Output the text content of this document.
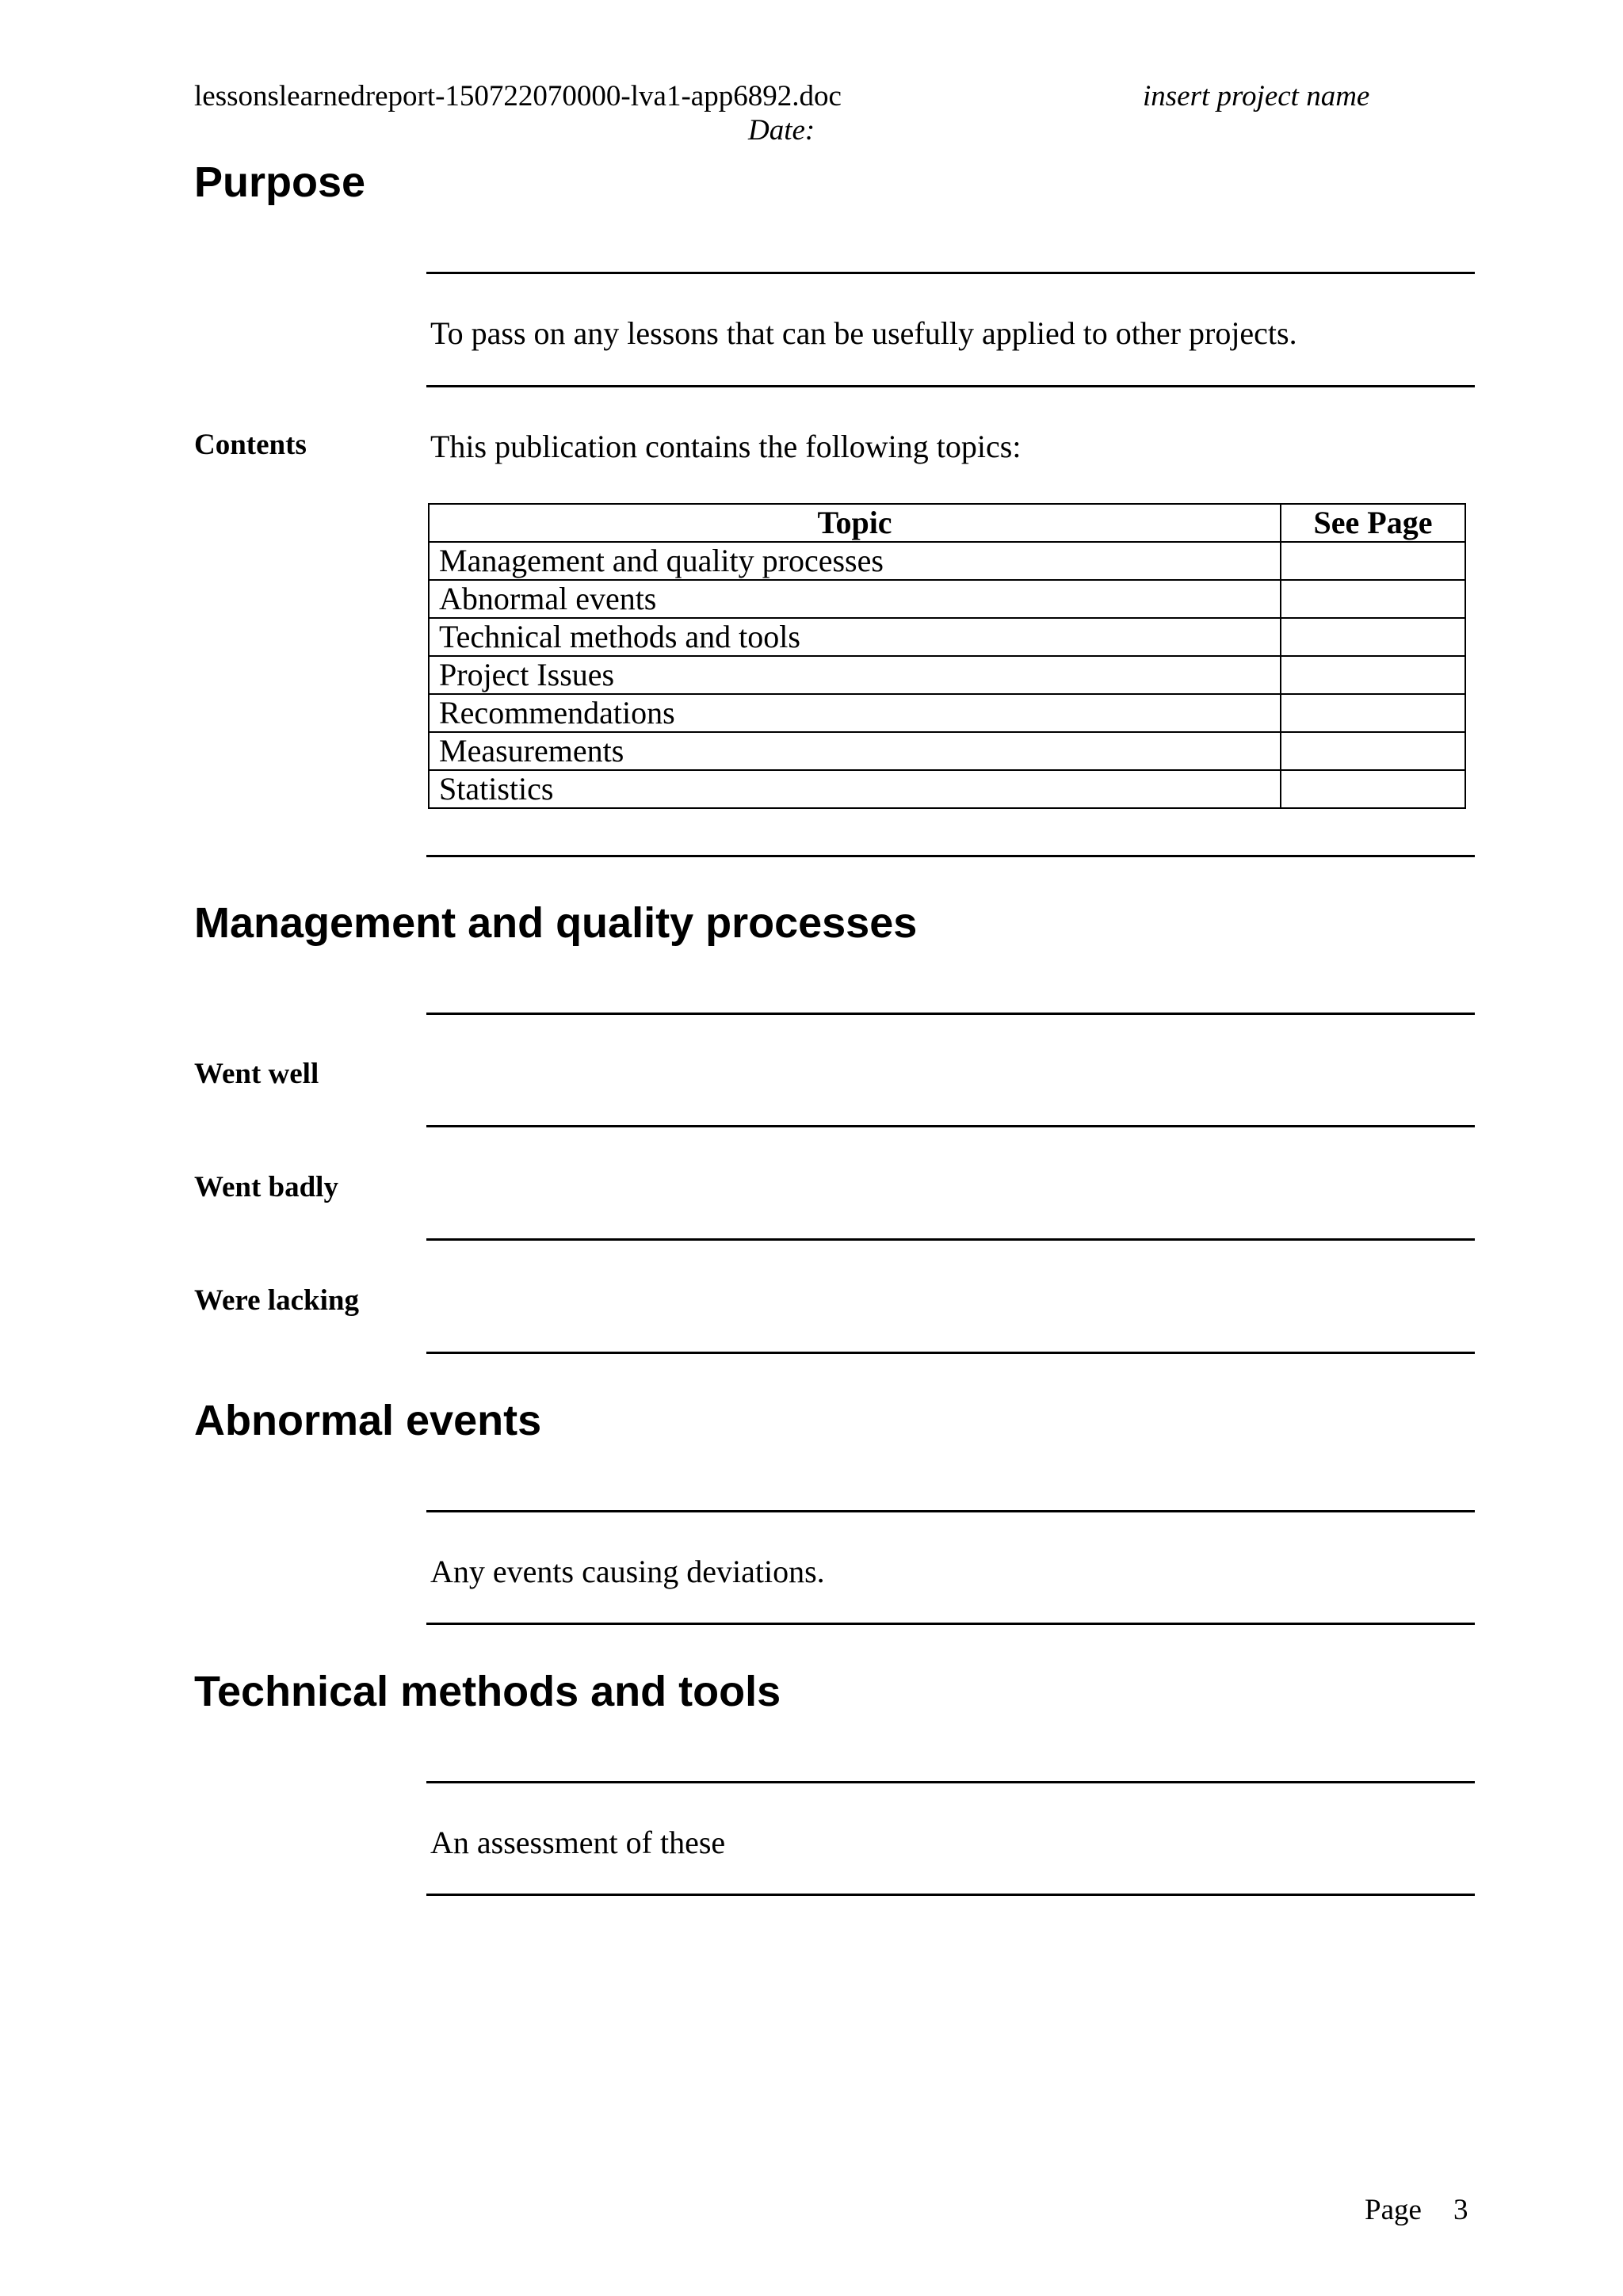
lessonslearnedreport-150722070000-lva1-app6892.doc	insert project name
Date:
Purpose
To pass on any lessons that can be usefully applied to other projects.
Contents	This publication contains the following topics:
Topic	See Page
Management and quality processes	
Abnormal events	
Technical methods and tools	
Project Issues	
Recommendations	
Measurements	
Statistics	
Management and quality processes
Went well
Went badly
Were lacking
Abnormal events
Any events causing deviations.
Technical methods and tools
An assessment of these
Page 3
